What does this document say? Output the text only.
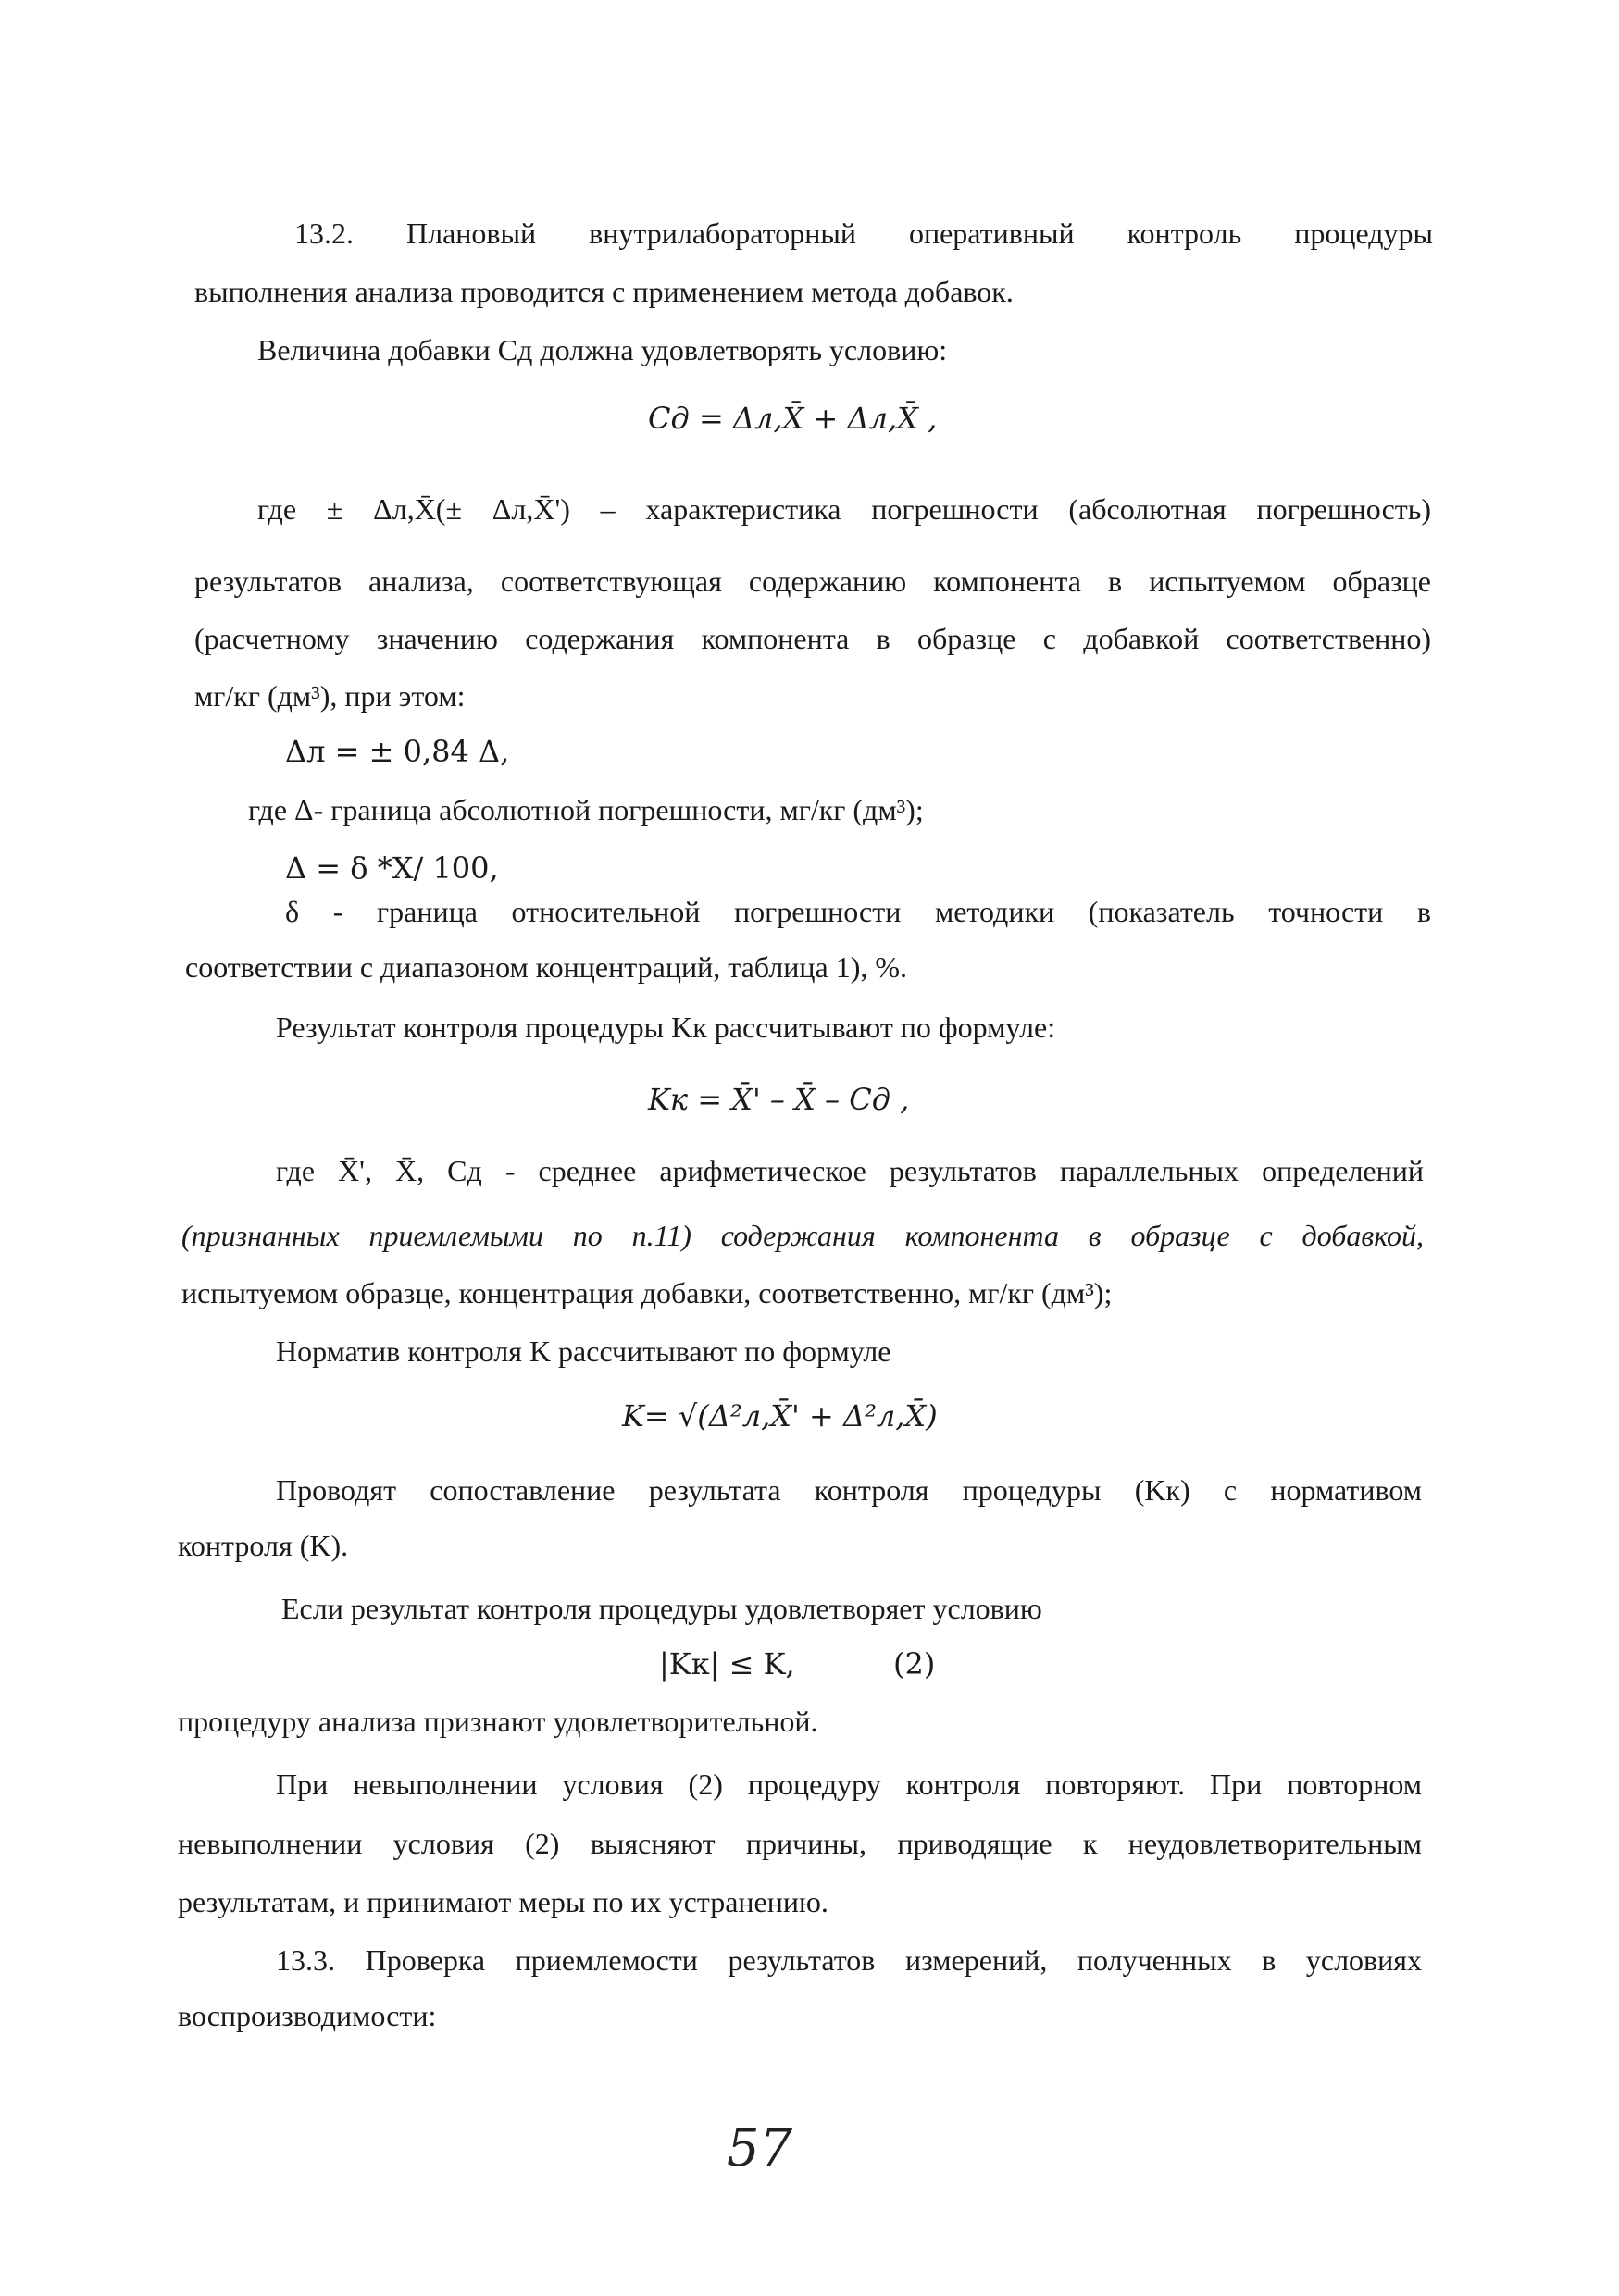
13.2. Плановый внутрилабораторный оперативный контроль процедуры
выполнения анализа проводится с применением метода добавок.
Величина добавки Cд должна удовлетворять условию:
Cд = Δл,X̄ + Δл,X̄ ,
где ± Δл,X̄(± Δл,X̄') – характеристика погрешности (абсолютная погрешность)
результатов анализа, соответствующая содержанию компонента в испытуемом образце
(расчетному значению содержания компонента в образце с добавкой соответственно)
мг/кг (дм³), при этом:
Δл = ± 0,84 Δ,
где Δ- граница абсолютной погрешности, мг/кг (дм³);
Δ = δ *X/ 100,
δ - граница относительной погрешности методики (показатель точности в
соответствии с диапазоном концентраций, таблица 1), %.
Результат контроля процедуры Kк рассчитывают по формуле:
Kк = X̄' – X̄ – Cд ,
где X̄', X̄, Cд - среднее арифметическое результатов параллельных определений
(признанных приемлемыми по п.11) содержания компонента в образце с добавкой,
испытуемом образце, концентрация добавки, соответственно, мг/кг (дм³);
Норматив контроля K рассчитывают по формуле
K= √(Δ²л,X̄' + Δ²л,X̄)
Проводят сопоставление результата контроля процедуры (Kк) с нормативом
контроля (K).
Если результат контроля процедуры удовлетворяет условию
|Kк| ≤ K,	(2)
процедуру анализа признают удовлетворительной.
При невыполнении условия (2) процедуру контроля повторяют. При повторном
невыполнении условия (2) выясняют причины, приводящие к неудовлетворительным
результатам, и принимают меры по их устранению.
13.3. Проверка приемлемости результатов измерений, полученных в условиях
воспроизводимости:
57
